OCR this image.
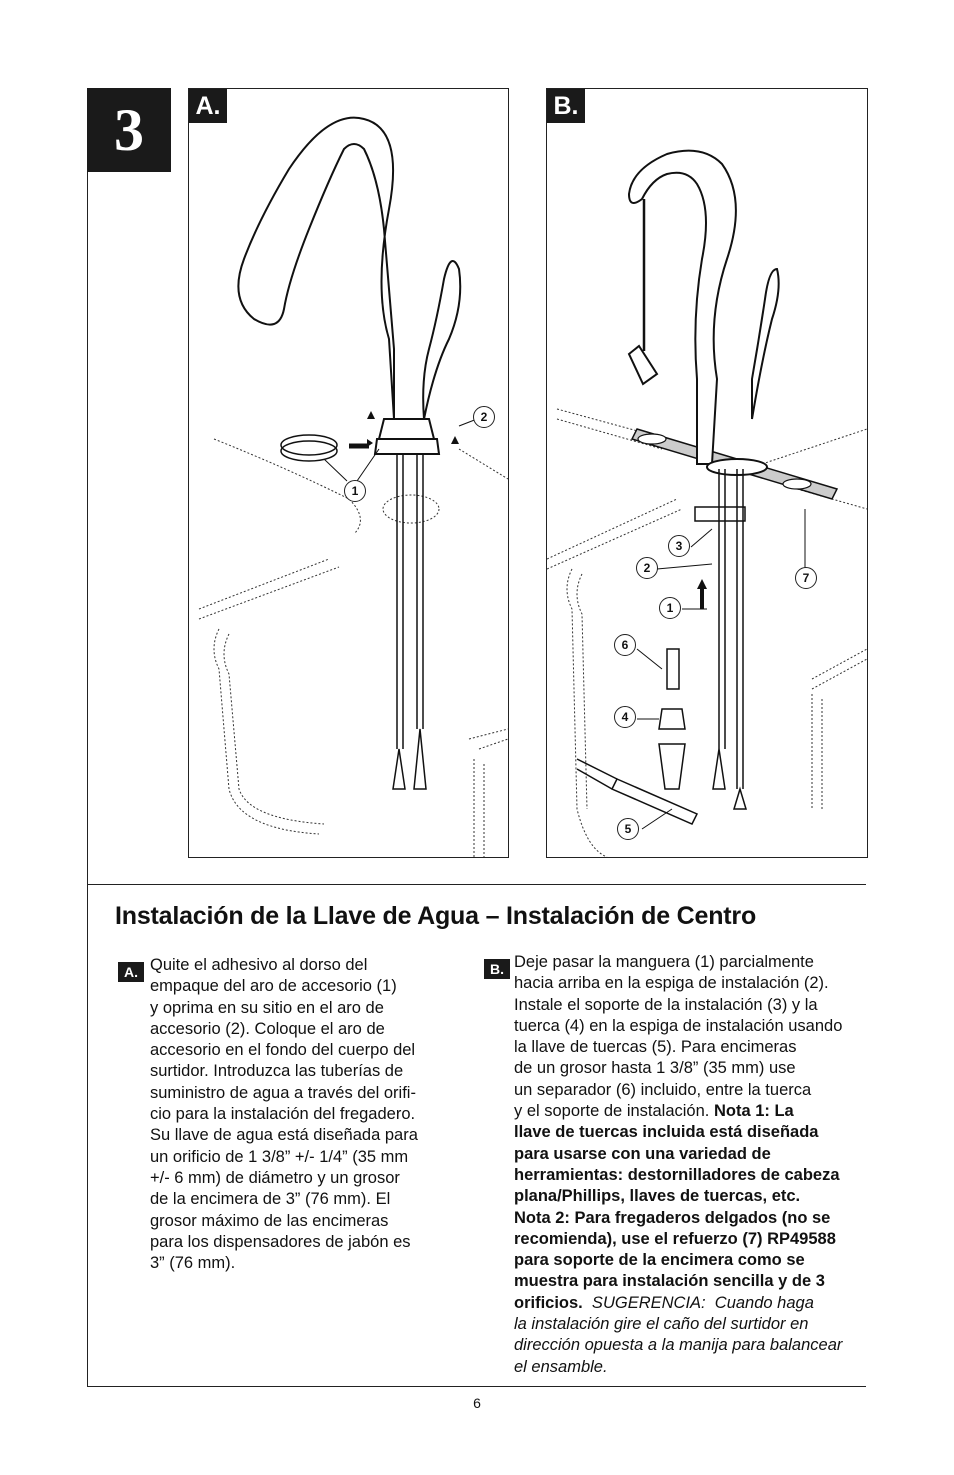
3 A.
1
2
B.
1
2
3
4
5
6
7
Instalación de la Llave de Agua – Instalación de Centro
A. Quite el adhesivo al dorso del
empaque del aro de accesorio (1)
y oprima en su sitio en el aro de
accesorio (2). Coloque el aro de
accesorio en el fondo del cuerpo del
surtidor. Introduzca las tuberías de
suministro de agua a través del orifi-
cio para la instalación del fregadero.
Su llave de agua está diseñada para
un orificio de 1 3/8” +/- 1/4” (35 mm
+/- 6 mm) de diámetro y un grosor
de la encimera de 3” (76 mm). El
grosor máximo de las encimeras
para los dispensadores de jabón es
3” (76 mm).
B. Deje pasar la manguera (1) parcialmente
hacia arriba en la espiga de instalación (2).
Instale el soporte de la instalación (3) y la
tuerca (4) en la espiga de instalación usando
la llave de tuercas (5). Para encimeras
de un grosor hasta 1 3/8” (35 mm) use
un separador (6) incluido, entre la tuerca
y el soporte de instalación. Nota 1: La
llave de tuercas incluida está diseñada
para usarse con una variedad de
herramientas: destornilladores de cabeza
plana/Phillips, llaves de tuercas, etc.
Nota 2: Para fregaderos delgados (no se
recomienda), use el refuerzo (7) RP49588
para soporte de la encimera como se
muestra para instalación sencilla y de 3
orificios.  SUGERENCIA:  Cuando haga
la instalación gire el caño del surtidor en
dirección opuesta a la manija para balancear
el ensamble.
6
